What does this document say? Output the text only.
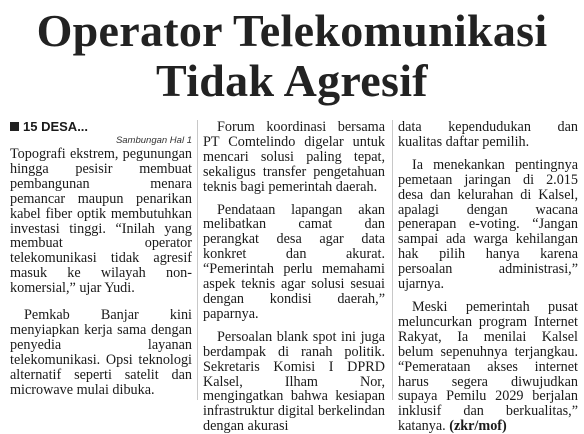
Operator Telekomunikasi
Tidak Agresif
15 DESA...
Sambungan Hal 1

Topografi ekstrem, pegunungan hingga pesisir membuat pembangunan menara pemancar maupun penarikan kabel fiber optik membutuhkan investasi tinggi. “Inilah yang membuat operator telekomunikasi tidak agresif masuk ke wilayah non-komersial,” ujar Yudi.

Pemkab Banjar kini menyiapkan kerja sama dengan penyedia layanan telekomunikasi. Opsi teknologi alternatif seperti satelit dan microwave mulai dibuka.

Forum koordinasi bersama PT Comtelindo digelar untuk mencari solusi paling tepat, sekaligus transfer pengetahuan teknis bagi pemerintah daerah.

Pendataan lapangan akan melibatkan camat dan perangkat desa agar data konkret dan akurat. “Pemerintah perlu memahami aspek teknis agar solusi sesuai dengan kondisi daerah,” paparnya.

Persoalan blank spot ini juga berdampak di ranah politik. Sekretaris Komisi I DPRD Kalsel, Ilham Nor, mengingatkan bahwa kesiapan infrastruktur digital berkelindan dengan akurasi

data kependudukan dan kualitas daftar pemilih.

Ia menekankan pentingnya pemetaan jaringan di 2.015 desa dan kelurahan di Kalsel, apalagi dengan wacana penerapan e-voting. “Jangan sampai ada warga kehilangan hak pilih hanya karena persoalan administrasi,” ujarnya.

Meski pemerintah pusat meluncurkan program Internet Rakyat, Ia menilai Kalsel belum sepenuhnya terjangkau. “Pemerataan akses internet harus segera diwujudkan supaya Pemilu 2029 berjalan inklusif dan berkualitas,” katanya. (zkr/mof)
